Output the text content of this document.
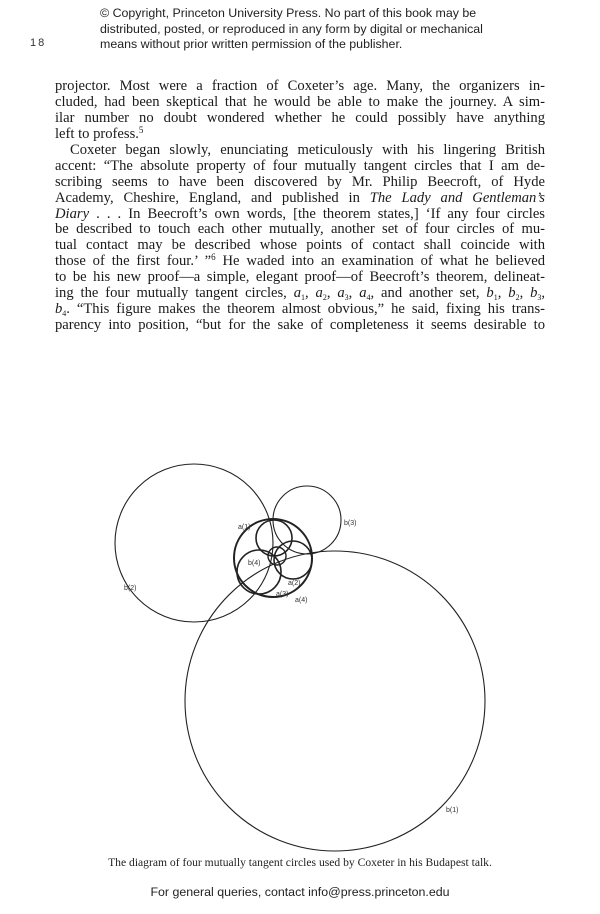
© Copyright, Princeton University Press. No part of this book may be
distributed, posted, or reproduced in any form by digital or mechanical
means without prior written permission of the publisher.
18
projector. Most were a fraction of Coxeter’s age. Many, the organizers in-
cluded, had been skeptical that he would be able to make the journey. A sim-
ilar number no doubt wondered whether he could possibly have anything
left to profess.$^5$
Coxeter began slowly, enunciating meticulously with his lingering British
accent: “The absolute property of four mutually tangent circles that I am de-
scribing seems to have been discovered by Mr. Philip Beecroft, of Hyde
Academy, Cheshire, England, and published in The Lady and Gentleman’s
Diary . . . In Beecroft’s own words, [the theorem states,] ‘If any four circles
be described to touch each other mutually, another set of four circles of mu-
tual contact may be described whose points of contact shall coincide with
those of the first four.’ ”$^6$ He waded into an examination of what he believed
to be his new proof—a simple, elegant proof—of Beecroft’s theorem, delineat-
ing the four mutually tangent circles, $a_1$, $a_2$, $a_3$, $a_4$, and another set, $b_1$, $b_2$, $b_3$,
$b_4$. “This figure makes the theorem almost obvious,” he said, fixing his trans-
parency into position, “but for the sake of completeness it seems desirable to
a(1)
a(2)
a(3)
a(4)
b(1)
b(2)
b(3)
b(4)
The diagram of four mutually tangent circles used by Coxeter in his Budapest talk.
For general queries, contact info@press.princeton.edu
